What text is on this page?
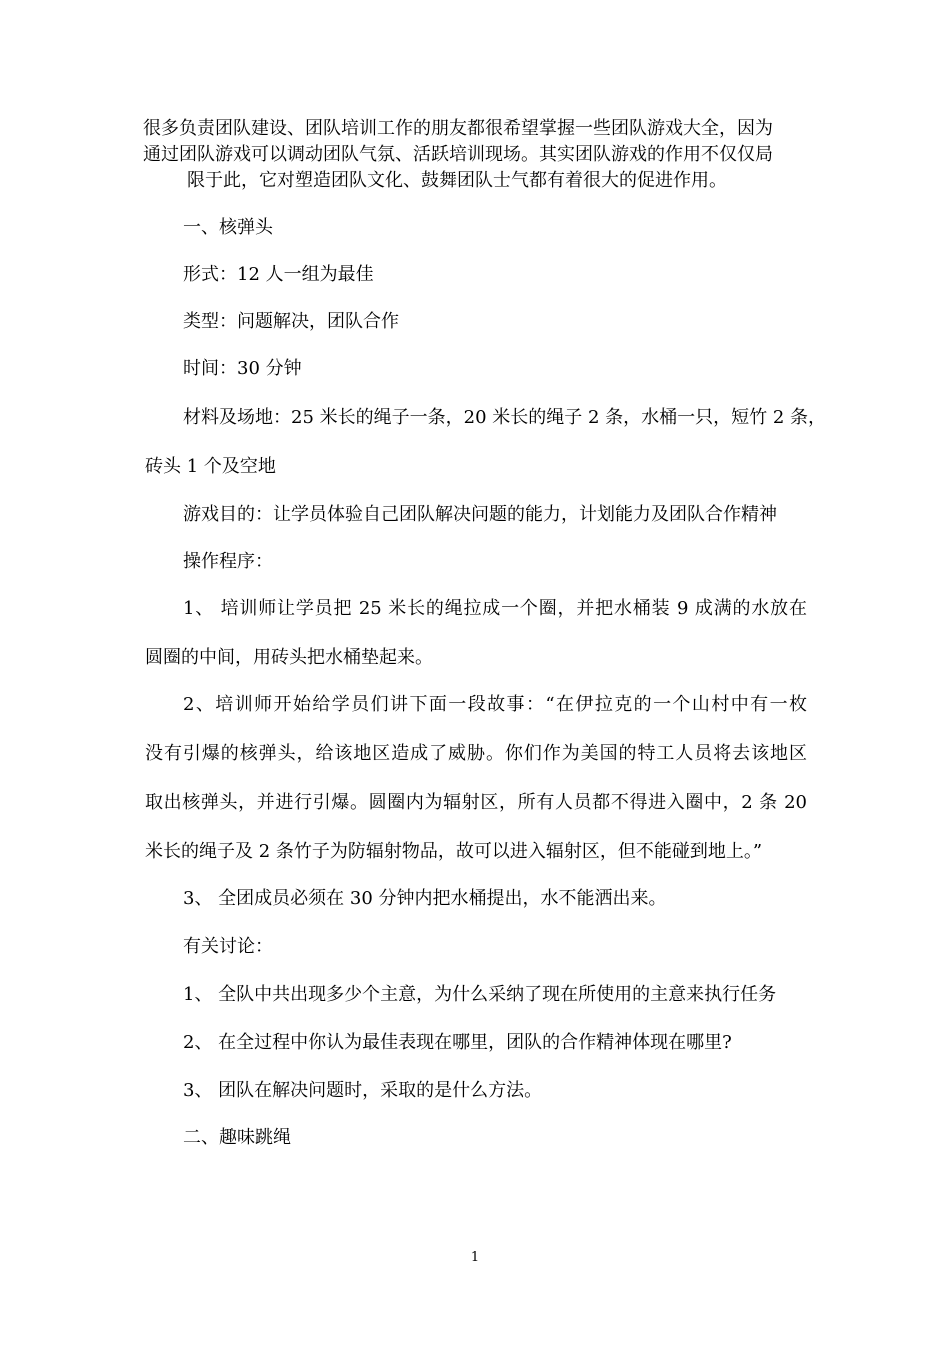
很多负责团队建设、团队培训工作的朋友都很希望掌握一些团队游戏大全，因为
通过团队游戏可以调动团队气氛、活跃培训现场。其实团队游戏的作用不仅仅局
限于此，它对塑造团队文化、鼓舞团队士气都有着很大的促进作用。

一、核弹头

形式：12 人一组为最佳

类型：问题解决，团队合作

时间：30 分钟

材料及场地：25 米长的绳子一条，20 米长的绳子 2 条，水桶一只，短竹 2 条，

砖头 1 个及空地

游戏目的：让学员体验自己团队解决问题的能力，计划能力及团队合作精神

操作程序：

1、 培训师让学员把 25 米长的绳拉成一个圈，并把水桶装 9 成满的水放在

圆圈的中间，用砖头把水桶垫起来。

2、培训师开始给学员们讲下面一段故事：“在伊拉克的一个山村中有一枚

没有引爆的核弹头，给该地区造成了威胁。你们作为美国的特工人员将去该地区

取出核弹头，并进行引爆。圆圈内为辐射区，所有人员都不得进入圈中，2 条 20

米长的绳子及 2 条竹子为防辐射物品，故可以进入辐射区，但不能碰到地上。”

3、 全团成员必须在 30 分钟内把水桶提出，水不能洒出来。

有关讨论：

1、 全队中共出现多少个主意，为什么采纳了现在所使用的主意来执行任务

2、 在全过程中你认为最佳表现在哪里，团队的合作精神体现在哪里?

3、 团队在解决问题时，采取的是什么方法。

二、趣味跳绳

1
